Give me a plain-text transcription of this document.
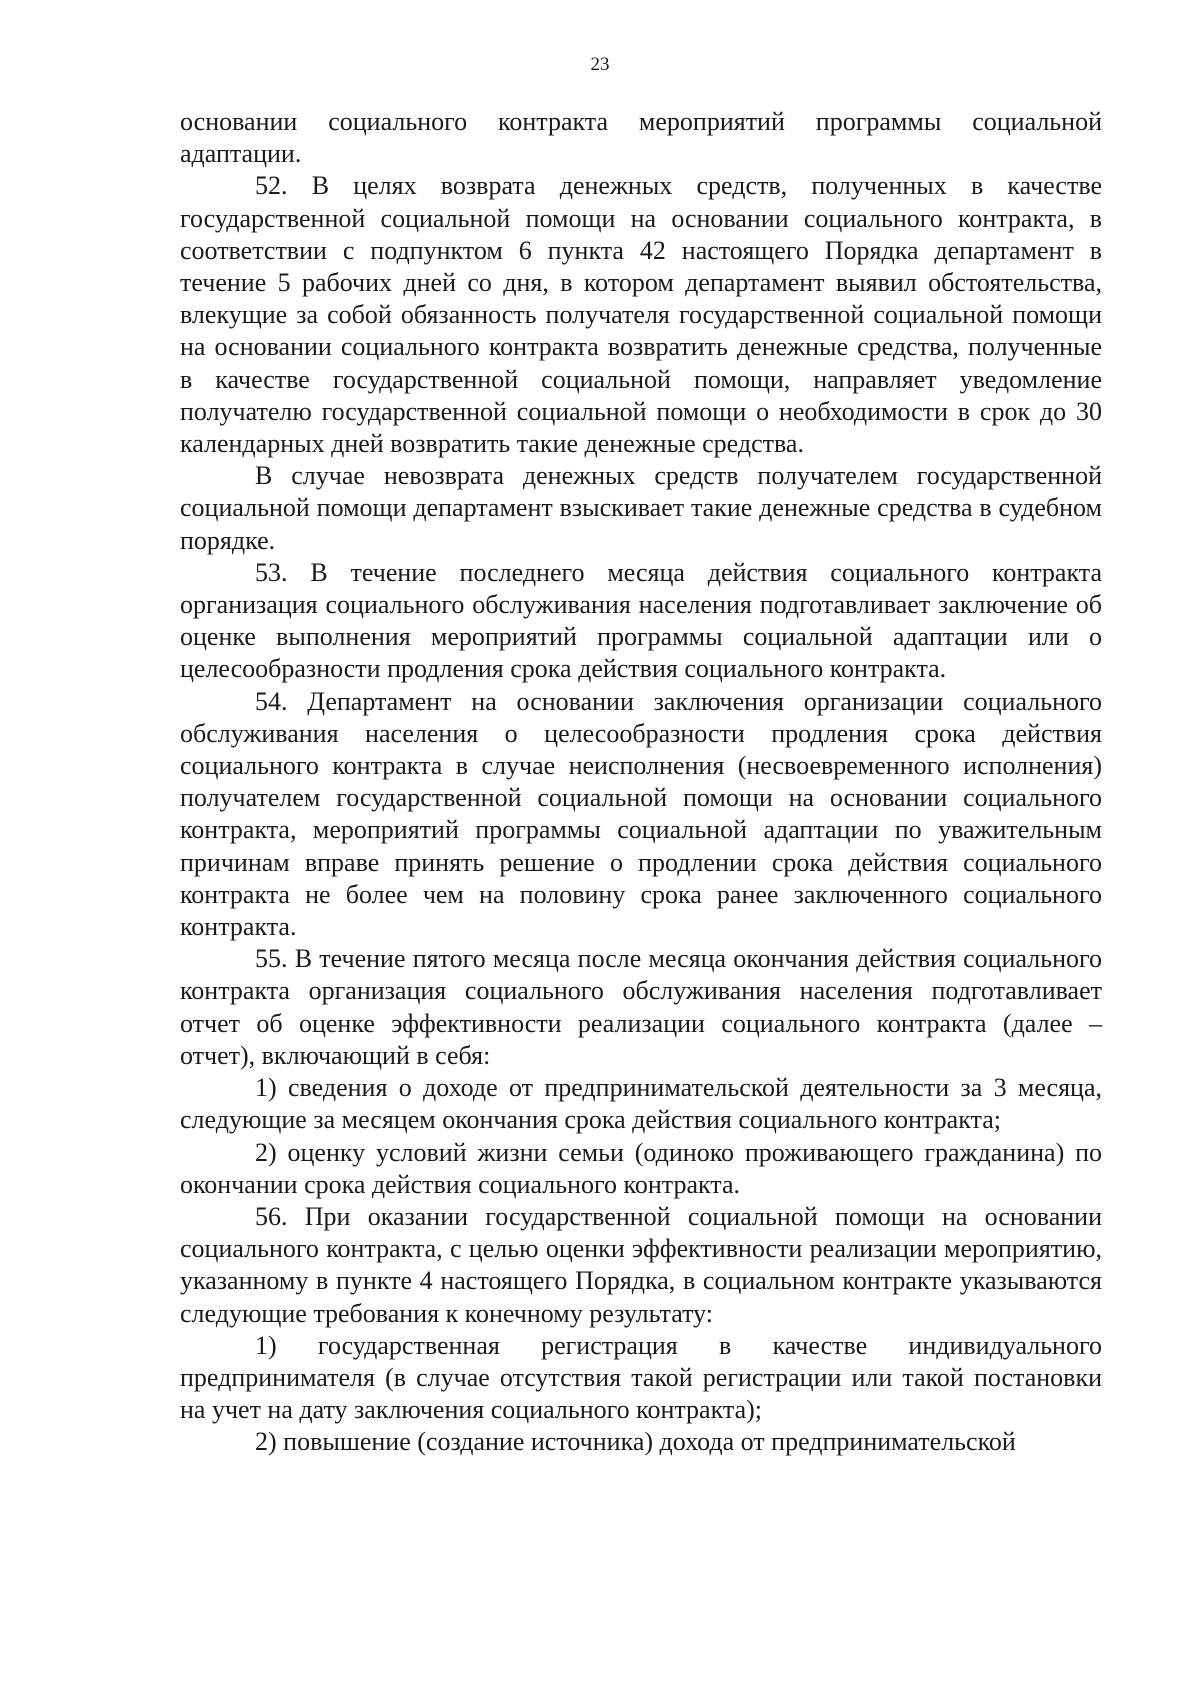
23

основании социального контракта мероприятий программы социальной адаптации.

52. В целях возврата денежных средств, полученных в качестве государственной социальной помощи на основании социального контракта, в соответствии с подпунктом 6 пункта 42 настоящего Порядка департамент в течение 5 рабочих дней со дня, в котором департамент выявил обстоятельства, влекущие за собой обязанность получателя государственной социальной помощи на основании социального контракта возвратить денежные средства, полученные в качестве государственной социальной помощи, направляет уведомление получателю государственной социальной помощи о необходимости в срок до 30 календарных дней возвратить такие денежные средства.

В случае невозврата денежных средств получателем государственной социальной помощи департамент взыскивает такие денежные средства в судебном порядке.

53. В течение последнего месяца действия социального контракта организация социального обслуживания населения подготавливает заключение об оценке выполнения мероприятий программы социальной адаптации или о целесообразности продления срока действия социального контракта.

54. Департамент на основании заключения организации социального обслуживания населения о целесообразности продления срока действия социального контракта в случае неисполнения (несвоевременного исполнения) получателем государственной социальной помощи на основании социального контракта, мероприятий программы социальной адаптации по уважительным причинам вправе принять решение о продлении срока действия социального контракта не более чем на половину срока ранее заключенного социального контракта.

55. В течение пятого месяца после месяца окончания действия социального контракта организация социального обслуживания населения подготавливает отчет об оценке эффективности реализации социального контракта (далее – отчет), включающий в себя:

1) сведения о доходе от предпринимательской деятельности за 3 месяца, следующие за месяцем окончания срока действия социального контракта;

2) оценку условий жизни семьи (одиноко проживающего гражданина) по окончании срока действия социального контракта.

56. При оказании государственной социальной помощи на основании социального контракта, с целью оценки эффективности реализации мероприятию, указанному в пункте 4 настоящего Порядка, в социальном контракте указываются следующие требования к конечному результату:

1) государственная регистрация в качестве индивидуального предпринимателя (в случае отсутствия такой регистрации или такой постановки на учет на дату заключения социального контракта);

2) повышение (создание источника) дохода от предпринимательской
